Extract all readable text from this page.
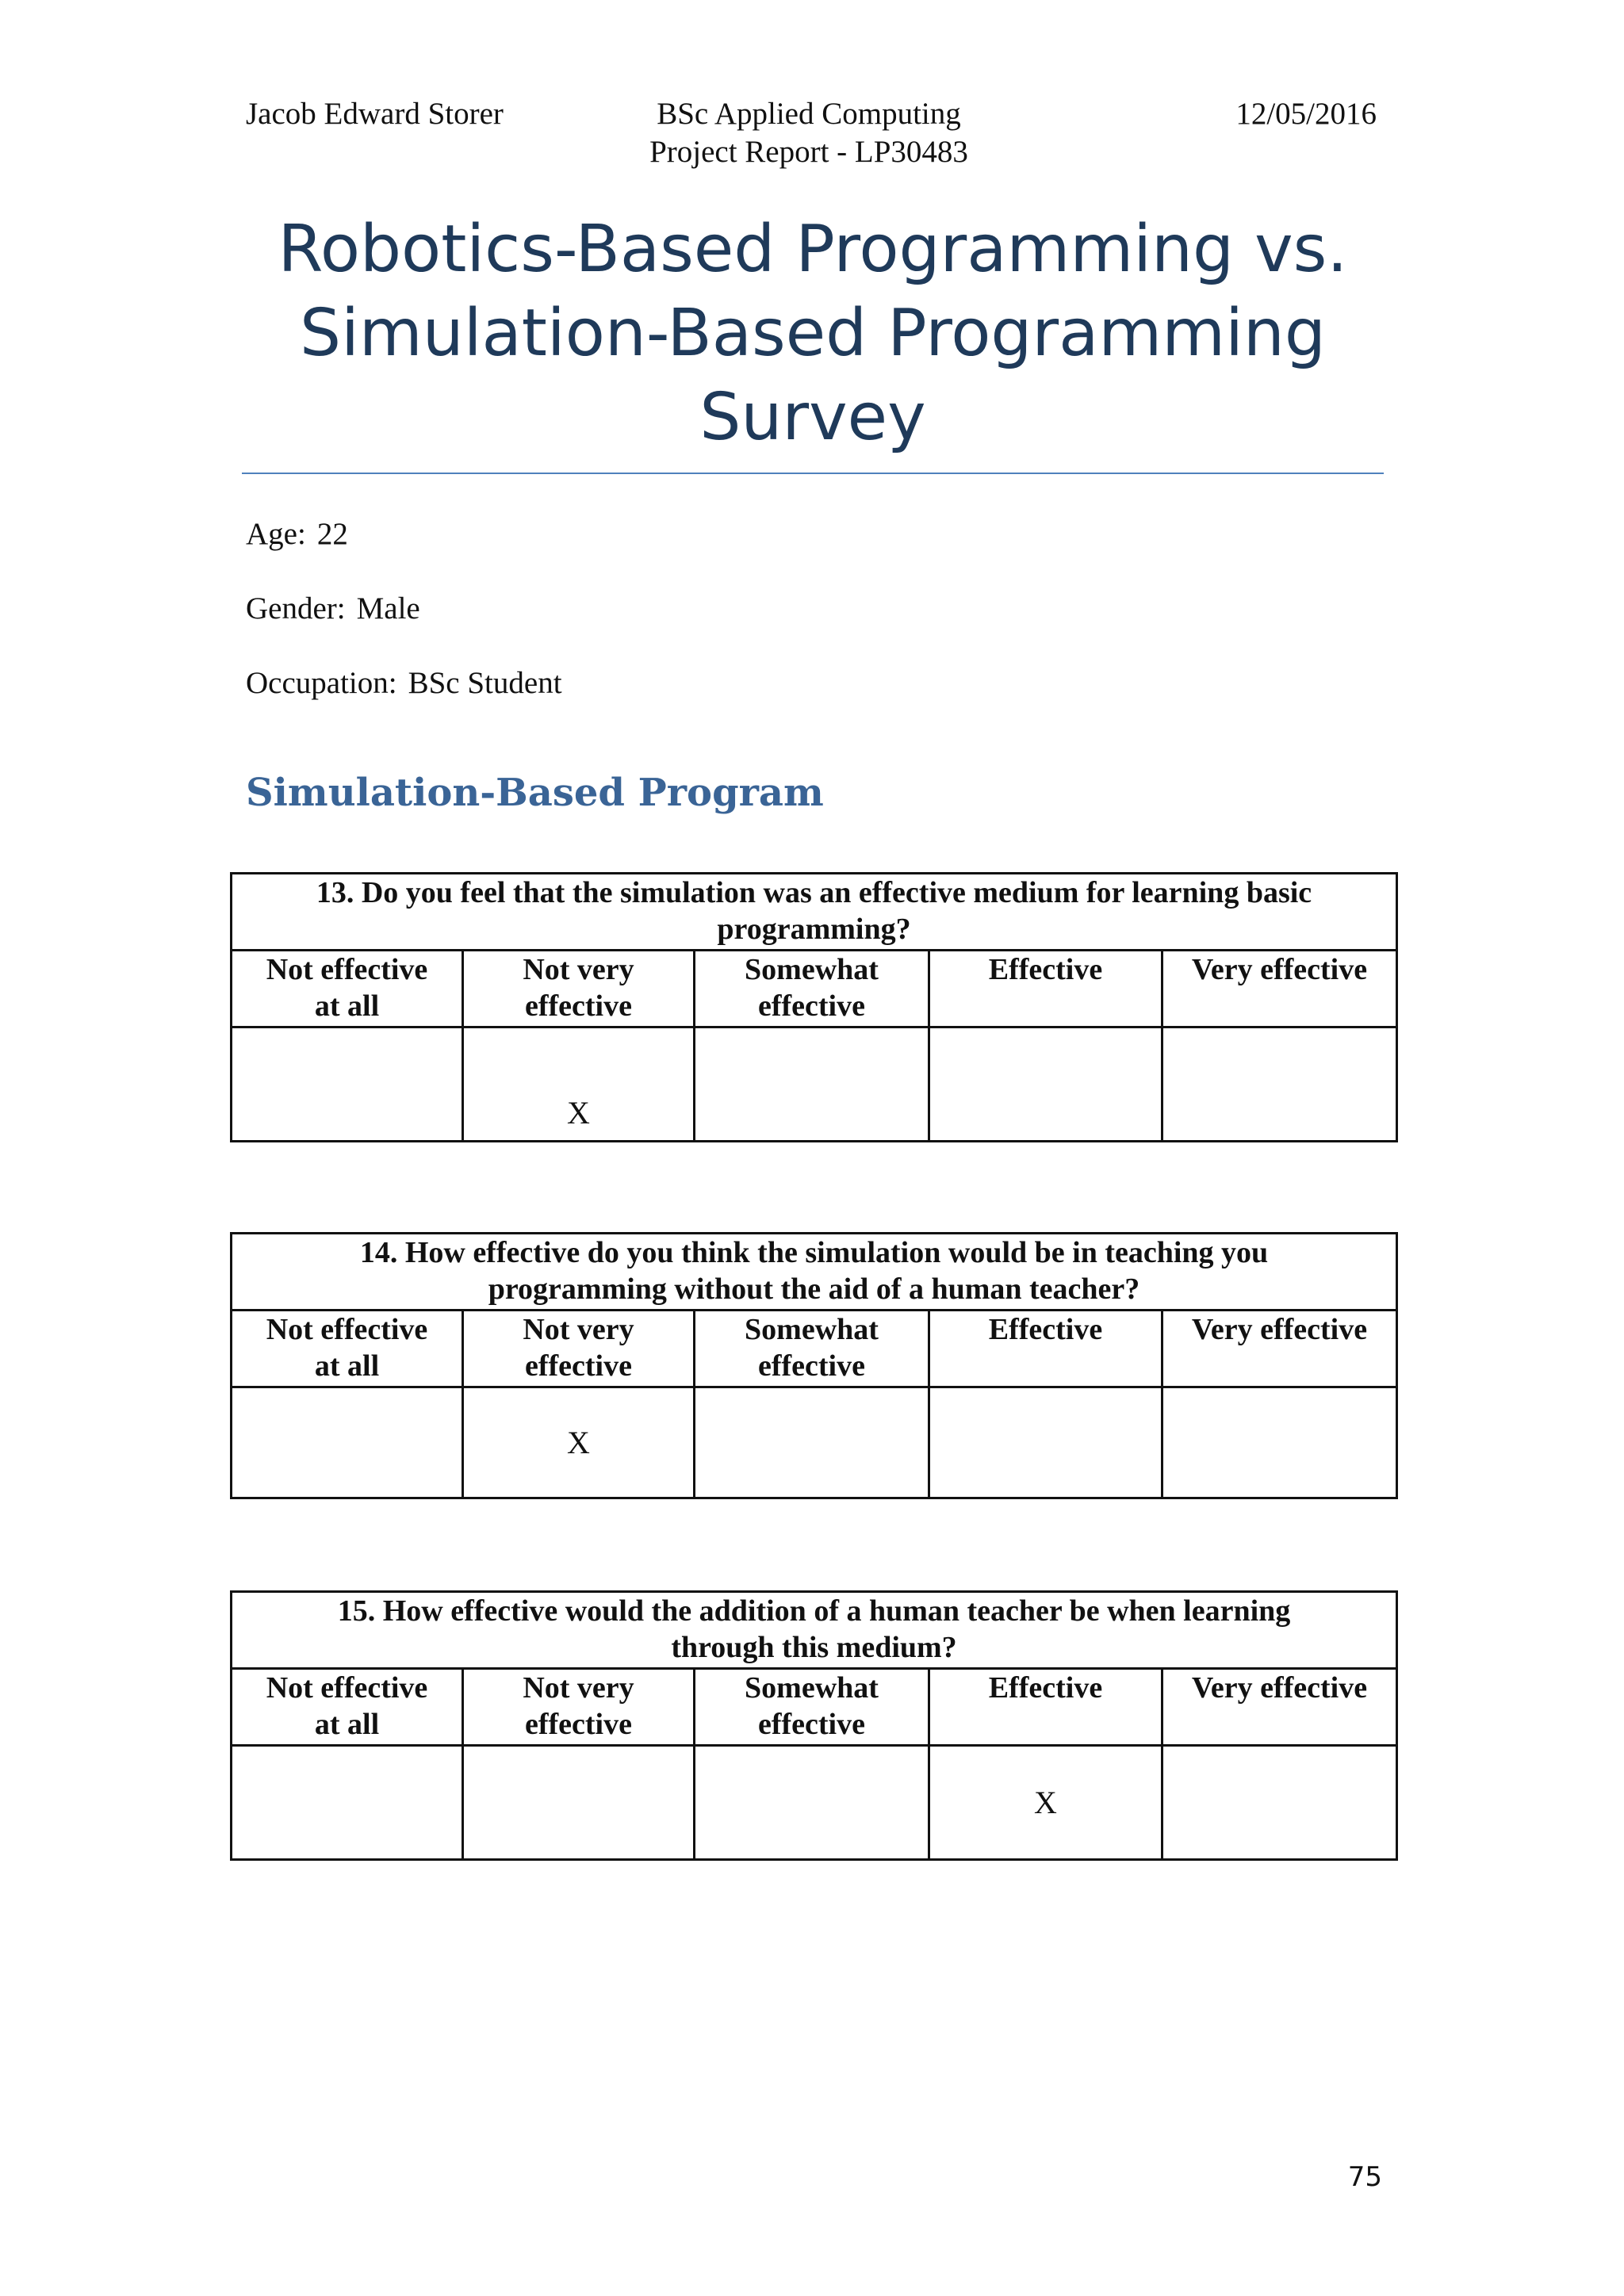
Jacob Edward Storer	BSc Applied Computing
Project Report - LP30483
12/05/2016
Robotics-Based Programming vs.
Simulation-Based Programming
Survey
Age: 22
Gender: Male
Occupation: BSc Student
Simulation-Based Program
13. Do you feel that the simulation was an effective medium for learning basic
programming?				

Not effective
at all	Not very
effective	Somewhat
effective	Effective	Very effective

	X			
14. How effective do you think the simulation would be in teaching you
programming without the aid of a human teacher?				

Not effective
at all	Not very
effective	Somewhat
effective	Effective	Very effective

	X			
15. How effective would the addition of a human teacher be when learning
through this medium?				

Not effective
at all	Not very
effective	Somewhat
effective	Effective	Very effective

			X	
75
